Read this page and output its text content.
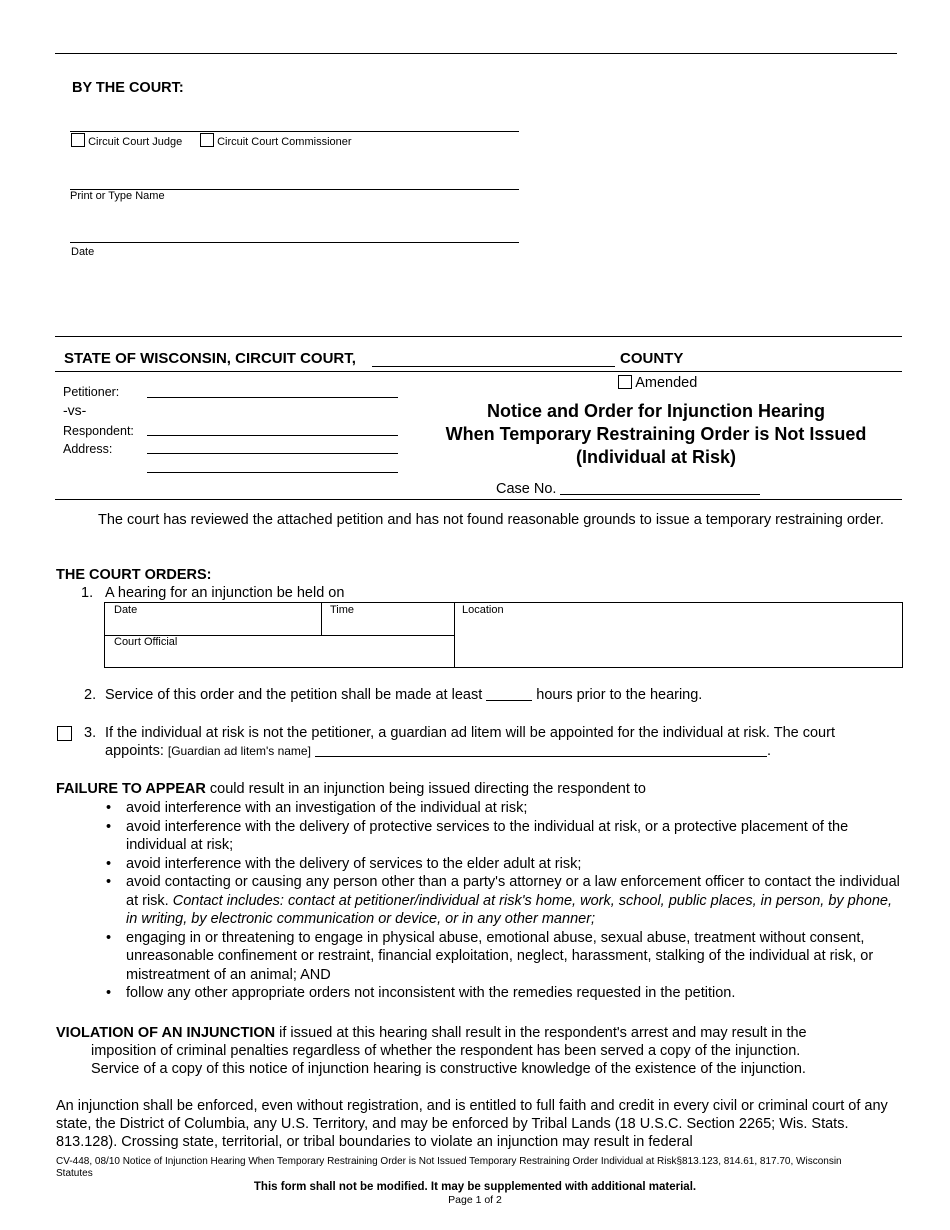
BY THE COURT:
Circuit Court Judge	Circuit Court Commissioner
Print or Type Name
Date
STATE OF WISCONSIN, CIRCUIT COURT,	COUNTY
Amended
Petitioner:
-vs-
Respondent:
Address:
Notice and Order for Injunction Hearing
When Temporary Restraining Order is Not Issued
(Individual at Risk)
Case No.
The court has reviewed the attached petition and has not found reasonable grounds to issue a temporary restraining order.
THE COURT ORDERS:
1. A hearing for an injunction be held on
Date	Time	Location
Court Official
2. Service of this order and the petition shall be made at least	hours prior to the hearing.
3. If the individual at risk is not the petitioner, a guardian ad litem will be appointed for the individual at risk. The court
appoints: [Guardian ad litem's name]	.
FAILURE TO APPEAR could result in an injunction being issued directing the respondent to
• avoid interference with an investigation of the individual at risk;
• avoid interference with the delivery of protective services to the individual at risk, or a protective placement of the individual at risk;
• avoid interference with the delivery of services to the elder adult at risk;
• avoid contacting or causing any person other than a party's attorney or a law enforcement officer to contact the individual at risk. Contact includes: contact at petitioner/individual at risk's home, work, school, public places, in person, by phone, in writing, by electronic communication or device, or in any other manner;
• engaging in or threatening to engage in physical abuse, emotional abuse, sexual abuse, treatment without consent, unreasonable confinement or restraint, financial exploitation, neglect, harassment, stalking of the individual at risk, or mistreatment of an animal; AND
• follow any other appropriate orders not inconsistent with the remedies requested in the petition.
VIOLATION OF AN INJUNCTION if issued at this hearing shall result in the respondent's arrest and may result in the
imposition of criminal penalties regardless of whether the respondent has been served a copy of the injunction.
Service of a copy of this notice of injunction hearing is constructive knowledge of the existence of the injunction.
An injunction shall be enforced, even without registration, and is entitled to full faith and credit in every civil or criminal court of any state, the District of Columbia, any U.S. Territory, and may be enforced by Tribal Lands (18 U.S.C. Section 2265; Wis. Stats. 813.128). Crossing state, territorial, or tribal boundaries to violate an injunction may result in federal
CV-448, 08/10 Notice of Injunction Hearing When Temporary Restraining Order is Not Issued Temporary Restraining Order Individual at Risk§813.123, 814.61, 817.70, Wisconsin Statutes
This form shall not be modified. It may be supplemented with additional material.
Page 1 of 2
